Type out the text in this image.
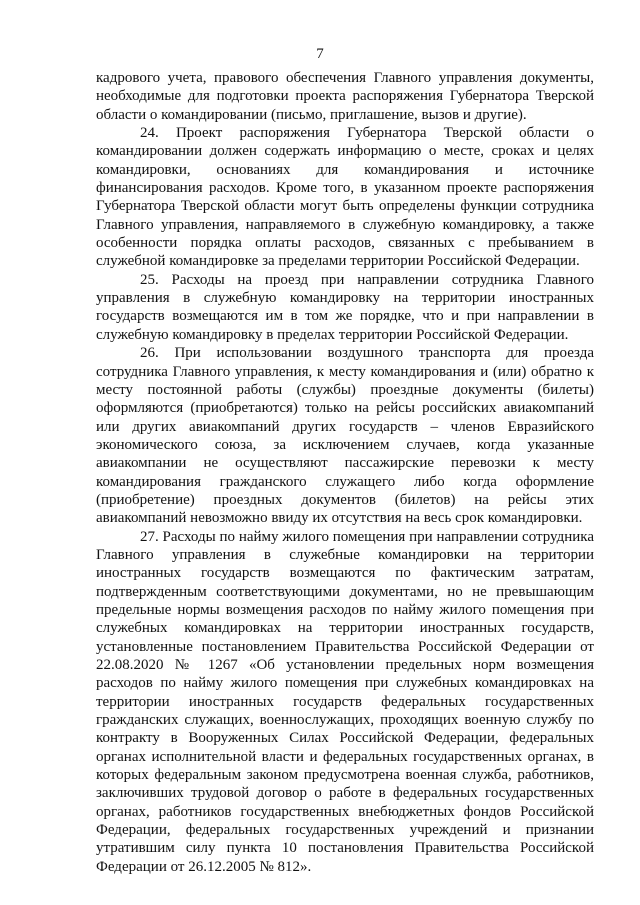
7

кадрового учета, правового обеспечения Главного управления документы, необходимые для подготовки проекта распоряжения Губернатора Тверской области о командировании (письмо, приглашение, вызов и другие).

24. Проект распоряжения Губернатора Тверской области о командировании должен содержать информацию о месте, сроках и целях командировки, основаниях для командирования и источнике финансирования расходов. Кроме того, в указанном проекте распоряжения Губернатора Тверской области могут быть определены функции сотрудника Главного управления, направляемого в служебную командировку, а также особенности порядка оплаты расходов, связанных с пребыванием в служебной командировке за пределами территории Российской Федерации.

25. Расходы на проезд при направлении сотрудника Главного управления в служебную командировку на территории иностранных государств возмещаются им в том же порядке, что и при направлении в служебную командировку в пределах территории Российской Федерации.

26. При использовании воздушного транспорта для проезда сотрудника Главного управления, к месту командирования и (или) обратно к месту постоянной работы (службы) проездные документы (билеты) оформляются (приобретаются) только на рейсы российских авиакомпаний или других авиакомпаний других государств – членов Евразийского экономического союза, за исключением случаев, когда указанные авиакомпании не осуществляют пассажирские перевозки к месту командирования гражданского служащего либо когда оформление (приобретение) проездных документов (билетов) на рейсы этих авиакомпаний невозможно ввиду их отсутствия на весь срок командировки.

27. Расходы по найму жилого помещения при направлении сотрудника Главного управления в служебные командировки на территории иностранных государств возмещаются по фактическим затратам, подтвержденным соответствующими документами, но не превышающим предельные нормы возмещения расходов по найму жилого помещения при служебных командировках на территории иностранных государств, установленные постановлением Правительства Российской Федерации от 22.08.2020 № 1267 «Об установлении предельных норм возмещения расходов по найму жилого помещения при служебных командировках на территории иностранных государств федеральных государственных гражданских служащих, военнослужащих, проходящих военную службу по контракту в Вооруженных Силах Российской Федерации, федеральных органах исполнительной власти и федеральных государственных органах, в которых федеральным законом предусмотрена военная служба, работников, заключивших трудовой договор о работе в федеральных государственных органах, работников государственных внебюджетных фондов Российской Федерации, федеральных государственных учреждений и признании утратившим силу пункта 10 постановления Правительства Российской Федерации от 26.12.2005 № 812».
